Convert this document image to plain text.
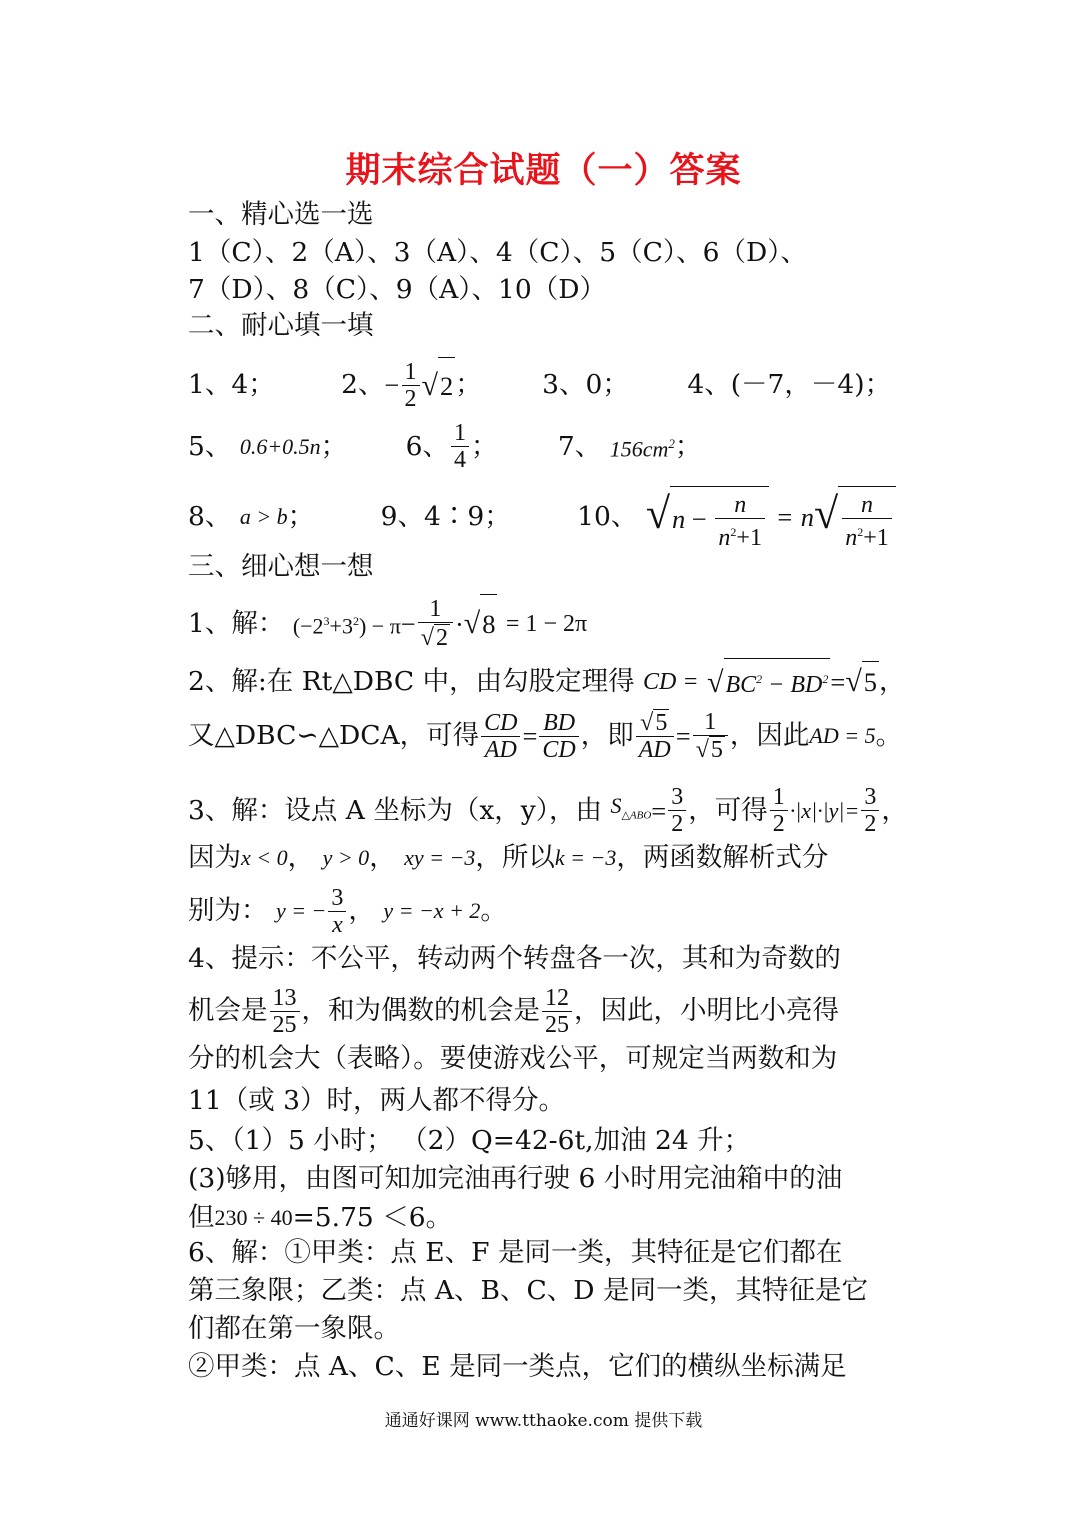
期末综合试题（一）答案
一、精心选一选
1（C）、2（A）、3（A）、4（C）、5（C）、6（D）、
7（D）、8（C）、9（A）、10（D）
二、耐心填一填
1、4；	2、− $\frac{1}{2} √2$； 3、0； 4、(－7，－4)；
5、 0.6+0.5n； 6、 $\frac{1}{4}$ ； 7、 $156cm^2$；
8、 a > b；	9、4∶9；	10、 $√n - \frac{n}{n^2+1} = n√ \frac{n}{n^2+1}$
三、细心想一想
1、解： $(-2^3+3^2) - \pi- \frac{1}{√2} \cdot√8 = 1 - 2\pi$
2、解:在 Rt△DBC 中，由勾股定理得 CD = $√BC^2 - BD^2=√5$，
又△DBC∽△DCA，可得 $\frac{CD}{AD} = \frac{BD}{CD}$ ，即 $\frac{√5}{AD} = \frac{1}{√5}$ ，因此AD = 5。
3、解：设点 A 坐标为（x，y），由 $S_{\triangle ABO}= \frac{3}{2}$ ，可得 $\frac{1}{2} \cdot|x|\cdot|y|= \frac{3}{2}$ ，
因为x < 0， y > 0， xy = −3，所以k = −3，两函数解析式分
别为： y = − $\frac{3}{x}$ ， y = −x + 2。
4、提示：不公平，转动两个转盘各一次，其和为奇数的
机会是 $\frac{13}{25}$ ，和为偶数的机会是 $\frac{12}{25}$ ，因此，小明比小亮得
分的机会大（表略）。要使游戏公平，可规定当两数和为
11（或 3）时，两人都不得分。
5、（1）5 小时； （2）Q=42-6t,加油 24 升；
(3)够用，由图可知加完油再行驶 6 小时用完油箱中的油
但230 ÷ 40=5.75 ＜6。
6、解：①甲类：点 E、F 是同一类，其特征是它们都在
第三象限；乙类：点 A、B、C、D 是同一类，其特征是它
们都在第一象限。
②甲类：点 A、C、E 是同一类点，它们的横纵坐标满足
通通好课网 www.tthaoke.com 提供下载
